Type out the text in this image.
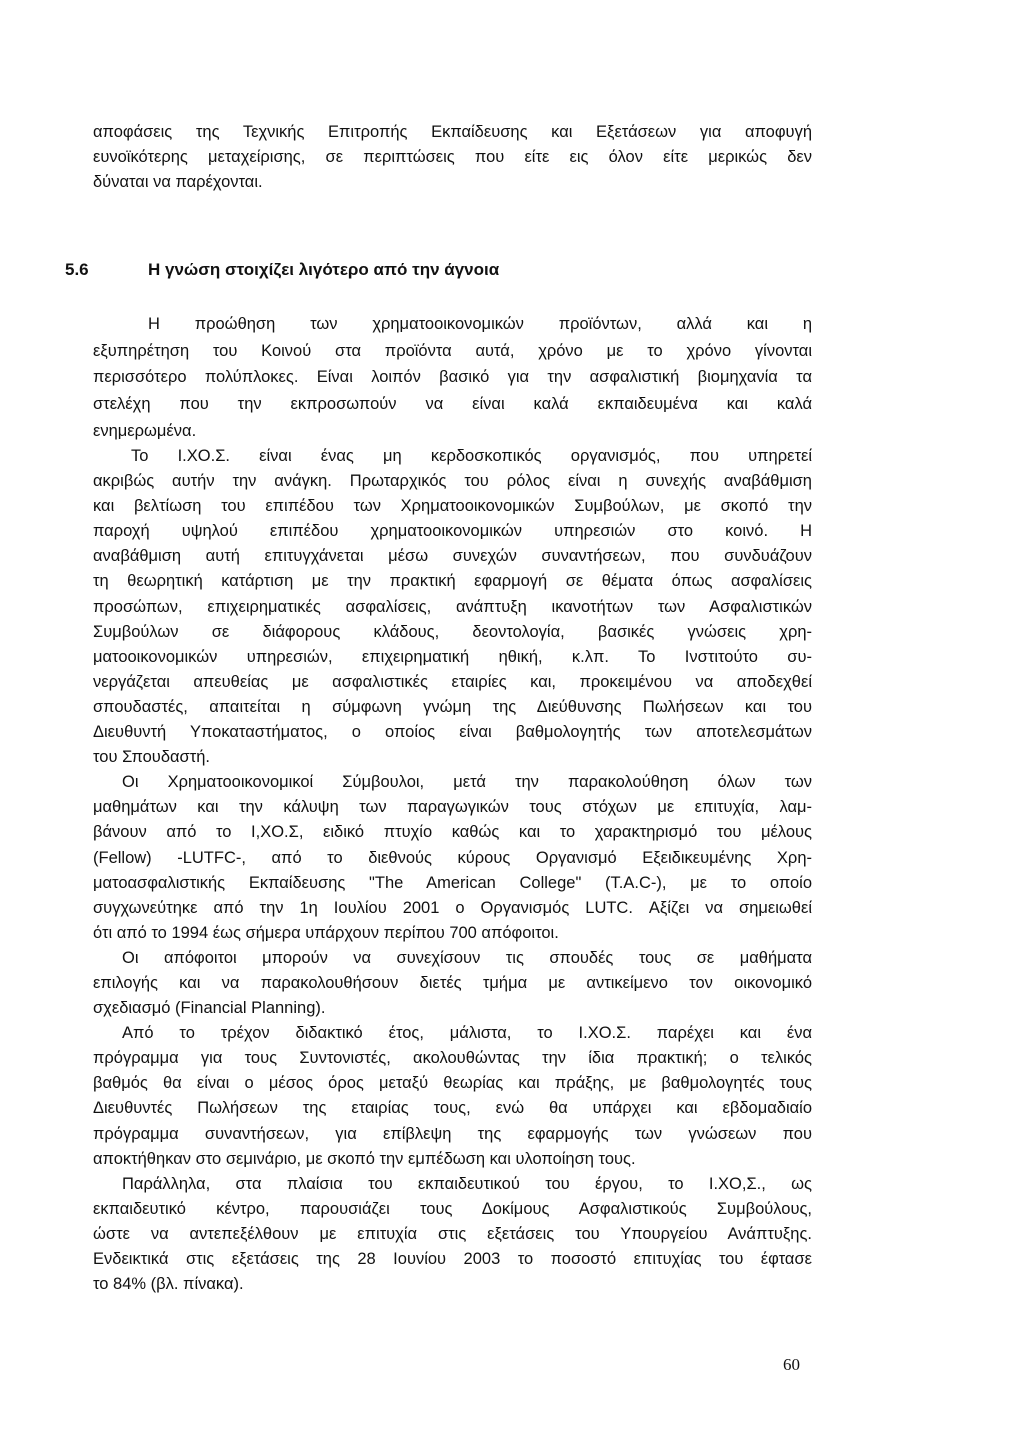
αποφάσεις της Τεχνικής Επιτροπής Εκπαίδευσης και Εξετάσεων για αποφυγή
ευνοϊκότερης μεταχείρισης, σε περιπτώσεις που είτε εις όλον είτε μερικώς δεν
δύναται να παρέχονται.
5.6	Η γνώση στοιχίζει λιγότερο από την άγνοια
Η προώθηση των χρηματοοικονομικών προϊόντων, αλλά και η
εξυπηρέτηση του Κοινού στα προϊόντα αυτά, χρόνο με το χρόνο γίνονται
περισσότερο πολύπλοκες. Είναι λοιπόν βασικό για την ασφαλιστική βιομηχανία τα
στελέχη που την εκπροσωπούν να είναι καλά εκπαιδευμένα και καλά
ενημερωμένα.
Το Ι.ΧΟ.Σ. είναι ένας μη κερδοσκοπικός οργανισμός, που υπηρετεί
ακριβώς αυτήν την ανάγκη. Πρωταρχικός του ρόλος είναι η συνεχής αναβάθμιση
και βελτίωση του επιπέδου των Χρηματοοικονομικών Συμβούλων, με σκοπό την
παροχή υψηλού επιπέδου χρηματοοικονομικών υπηρεσιών στο κοινό. Η
αναβάθμιση αυτή επιτυγχάνεται μέσω συνεχών συναντήσεων, που συνδυάζουν
τη θεωρητική κατάρτιση με την πρακτική εφαρμογή σε θέματα όπως ασφαλίσεις
προσώπων, επιχειρηματικές ασφαλίσεις, ανάπτυξη ικανοτήτων των Ασφαλιστικών
Συμβούλων σε διάφορους κλάδους, δεοντολογία, βασικές γνώσεις χρη-
ματοοικονομικών υπηρεσιών, επιχειρηματική ηθική, κ.λπ. Το Ινστιτούτο συ-
νεργάζεται απευθείας με ασφαλιστικές εταιρίες και, προκειμένου να αποδεχθεί
σπουδαστές, απαιτείται η σύμφωνη γνώμη της Διεύθυνσης Πωλήσεων και του
Διευθυντή Υποκαταστήματος, ο οποίος είναι βαθμολογητής των αποτελεσμάτων
του Σπουδαστή.
Οι Χρηματοοικονομικοί Σύμβουλοι, μετά την παρακολούθηση όλων των
μαθημάτων και την κάλυψη των παραγωγικών τους στόχων με επιτυχία, λαμ-
βάνουν από το Ι,ΧΟ.Σ, ειδικό πτυχίο καθώς και το χαρακτηρισμό του μέλους
(Fellow) -LUTFC-, από το διεθνούς κύρους Οργανισμό Εξειδικευμένης Χρη-
ματοασφαλιστικής Εκπαίδευσης "The American College" (T.A.C-), με το οποίο
συγχωνεύτηκε από την 1η Ιουλίου 2001 ο Οργανισμός LUTC. Αξίζει να σημειωθεί
ότι από το 1994 έως σήμερα υπάρχουν περίπου 700 απόφοιτοι.
Οι απόφοιτοι μπορούν να συνεχίσουν τις σπουδές τους σε μαθήματα
επιλογής και να παρακολουθήσουν διετές τμήμα με αντικείμενο τον οικονομικό
σχεδιασμό (Financial Planning).
Από το τρέχον διδακτικό έτος, μάλιστα, το Ι.ΧΟ.Σ. παρέχει και ένα
πρόγραμμα για τους Συντονιστές, ακολουθώντας την ίδια πρακτική; ο τελικός
βαθμός θα είναι ο μέσος όρος μεταξύ θεωρίας και πράξης, με βαθμολογητές τους
Διευθυντές Πωλήσεων της εταιρίας τους, ενώ θα υπάρχει και εβδομαδιαίο
πρόγραμμα συναντήσεων, για επίβλεψη της εφαρμογής των γνώσεων που
αποκτήθηκαν στο σεμινάριο, με σκοπό την εμπέδωση και υλοποίηση τους.
Παράλληλα, στα πλαίσια του εκπαιδευτικού του έργου, το Ι.ΧΟ,Σ., ως
εκπαιδευτικό κέντρο, παρουσιάζει τους Δοκίμους Ασφαλιστικούς Συμβούλους,
ώστε να αντεπεξέλθουν με επιτυχία στις εξετάσεις του Υπουργείου Ανάπτυξης.
Ενδεικτικά στις εξετάσεις της 28 Ιουνίου 2003 το ποσοστό επιτυχίας του έφτασε
το 84% (βλ. πίνακα).
60
